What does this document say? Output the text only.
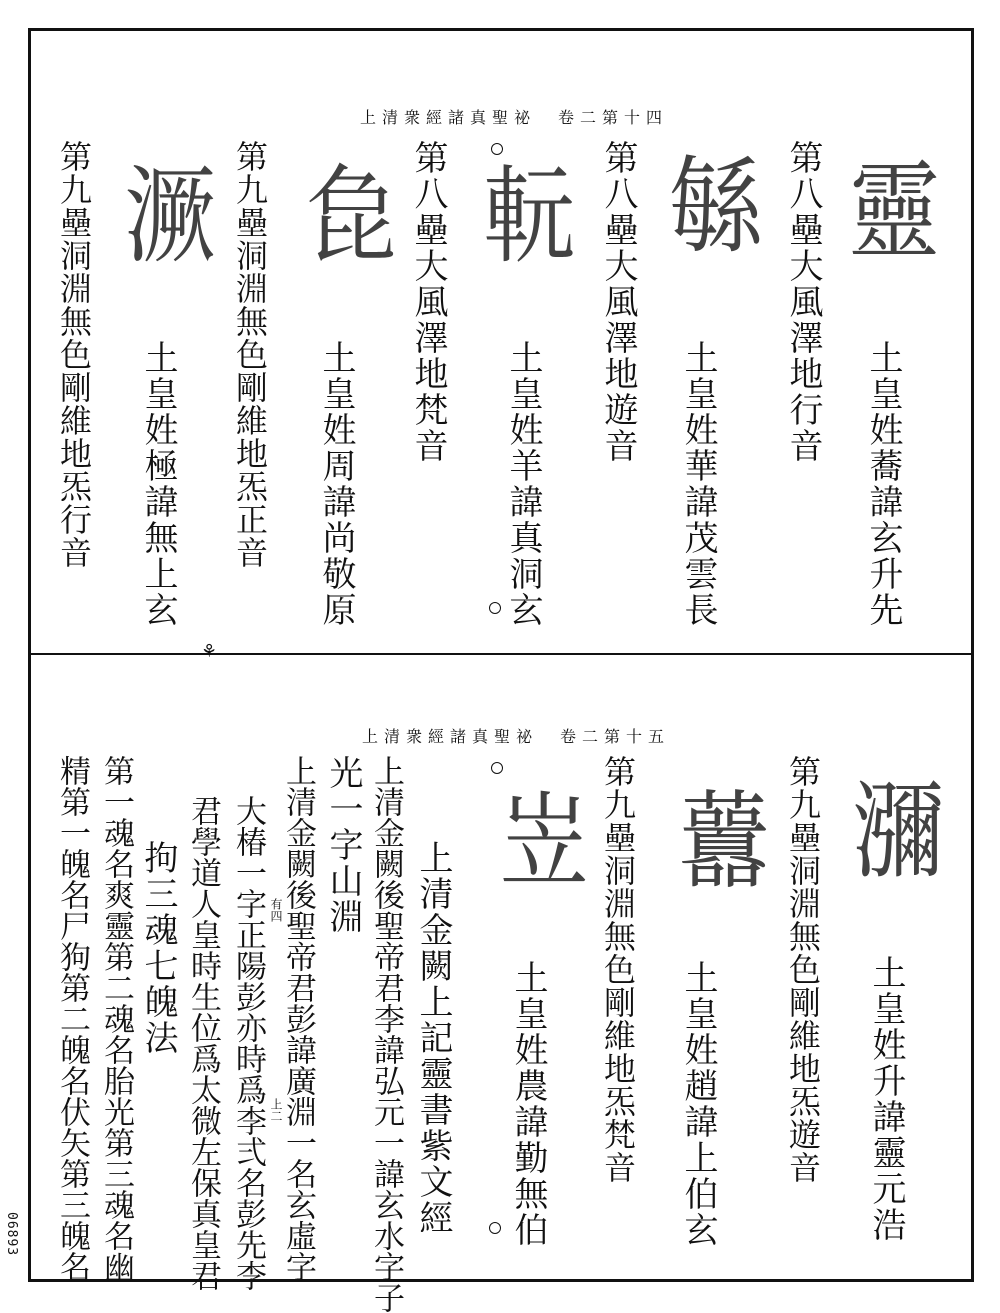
⚘
上清衆經諸真聖祕　卷二第十四
靈
第八壘大風澤地行音
土皇姓蕎諱玄升先
緐
第八壘大風澤地遊音
土皇姓華諱茂雲長
䡇
第八壘大風澤地梵音
土皇姓羊諱真洞玄
㲋
第九壘洞淵無色剛維地炁正音 土皇姓周諱尚敬原
㵐
第九壘洞淵無色剛維地炁行音 土皇姓極諱無上玄
上清衆經諸真聖祕　卷二第十五
瀰
第九壘洞淵無色剛維地炁遊音 土皇姓升諱靈元浩
䖀
第九壘洞淵無色剛維地炁梵音 土皇姓趙諱上伯玄
岦
土皇姓農諱勤無伯
上清金闕上記靈書紫文經
上清金闕後聖帝君李諱弘元一諱玄水字子
光一字山淵
上清金闕後聖帝君彭諱廣淵一名玄虛字
大椿一字正陽彭亦時爲李弍名彭先李
君學道人皇時生位爲太微左保真皇君
拘三魂七魄法
第一魂名爽靈第二魂名胎光第三魂名幽
精第一魄名尸狗第二魄名伏矢第三魄名	有四
上二
06893
